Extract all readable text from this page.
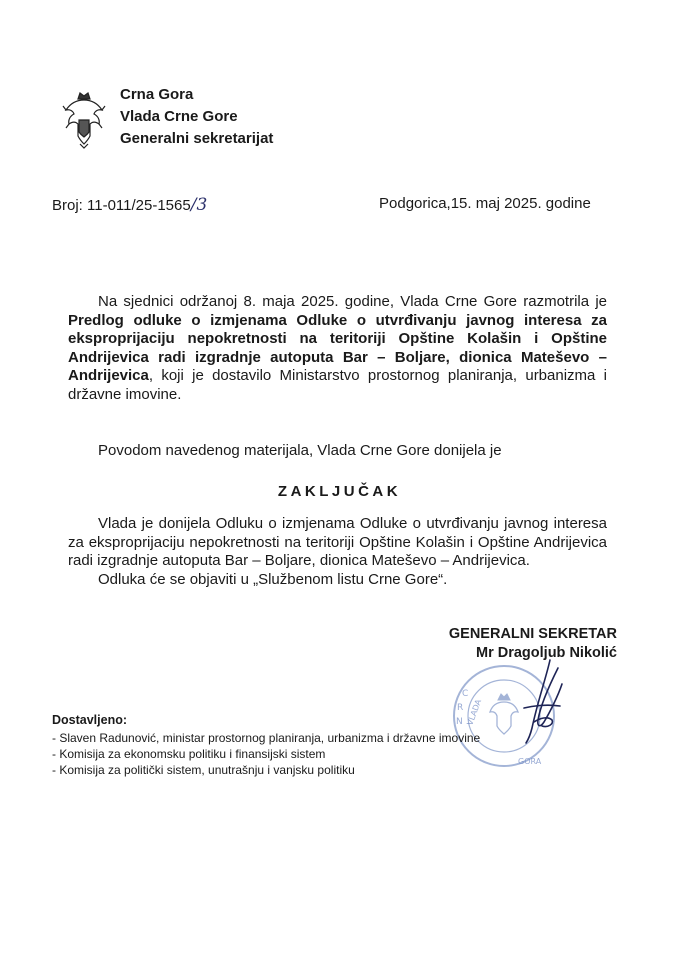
Crna Gora
Vlada Crne Gore
Generalni sekretarijat
Broj: 11-011/25-1565/3	Podgorica,15. maj 2025. godine
Na sjednici održanoj 8. maja 2025. godine, Vlada Crne Gore razmotrila je Predlog odluke o izmjenama Odluke o utvrđivanju javnog interesa za eksproprijaciju nepokretnosti na teritoriji Opštine Kolašin i Opštine Andrijevica radi izgradnje autoputa Bar – Boljare, dionica Mateševo – Andrijevica, koji je dostavilo Ministarstvo prostornog planiranja, urbanizma i državne imovine.
Povodom navedenog materijala, Vlada Crne Gore donijela je
ZAKLJUČAK
Vlada je donijela Odluku o izmjenama Odluke o utvrđivanju javnog interesa za eksproprijaciju nepokretnosti na teritoriji Opštine Kolašin i Opštine Andrijevica radi izgradnje autoputa Bar – Boljare, dionica Mateševo – Andrijevica.
Odluka će se objaviti u „Službenom listu Crne Gore“.
GENERALNI SEKRETAR
Mr Dragoljub Nikolić
C
R
N VLADA
GORA
Dostavljeno:
- Slaven Radunović, ministar prostornog planiranja, urbanizma i državne imovine
- Komisija za ekonomsku politiku i finansijski sistem
- Komisija za politički sistem, unutrašnju i vanjsku politiku
